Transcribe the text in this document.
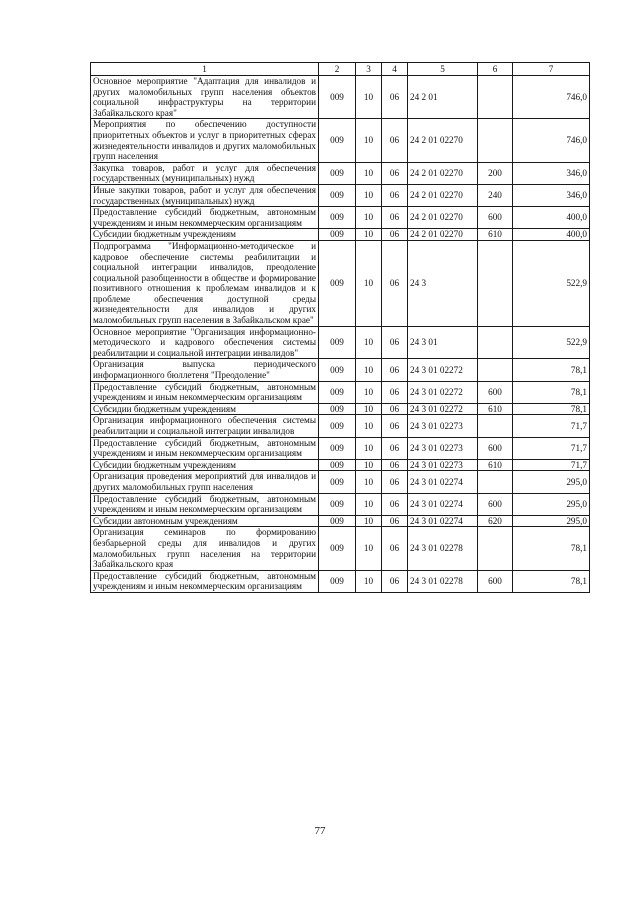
1	2	3	4	5	6	7
Основное мероприятие "Адаптация для инвалидов и других маломобильных групп населения объектов социальной инфраструктуры на территории Забайкальского края"	009	10	06	24 2 01		746,0
Мероприятия по обеспечению доступности приоритетных объектов и услуг в приоритетных сферах жизнедеятельности инвалидов и других маломобильных групп населения	009	10	06	24 2 01 02270		746,0
Закупка товаров, работ и услуг для обеспечения государственных (муниципальных) нужд	009	10	06	24 2 01 02270	200	346,0
Иные закупки товаров, работ и услуг для обеспечения государственных (муниципальных) нужд	009	10	06	24 2 01 02270	240	346,0
Предоставление субсидий бюджетным, автономным учреждениям и иным некоммерческим организациям	009	10	06	24 2 01 02270	600	400,0
Субсидии бюджетным учреждениям	009	10	06	24 2 01 02270	610	400,0
Подпрограмма "Информационно-методическое и кадровое обеспечение системы реабилитации и социальной интеграции инвалидов, преодоление социальной разобщенности в обществе и формирование позитивного отношения к проблемам инвалидов и к проблеме обеспечения доступной среды жизнедеятельности для инвалидов и других маломобильных групп населения в Забайкальском крае"	009	10	06	24 3		522,9
Основное мероприятие "Организация информационно-методического и кадрового обеспечения системы реабилитации и социальной интеграции инвалидов"	009	10	06	24 3 01		522,9
Организация выпуска периодического информационного бюллетеня "Преодоление"	009	10	06	24 3 01 02272		78,1
Предоставление субсидий бюджетным, автономным учреждениям и иным некоммерческим организациям	009	10	06	24 3 01 02272	600	78,1
Субсидии бюджетным учреждениям	009	10	06	24 3 01 02272	610	78,1
Организация информационного обеспечения системы реабилитации и социальной интеграции инвалидов	009	10	06	24 3 01 02273		71,7
Предоставление субсидий бюджетным, автономным учреждениям и иным некоммерческим организациям	009	10	06	24 3 01 02273	600	71,7
Субсидии бюджетным учреждениям	009	10	06	24 3 01 02273	610	71,7
Организация проведения мероприятий для инвалидов и других маломобильных групп населения	009	10	06	24 3 01 02274		295,0
Предоставление субсидий бюджетным, автономным учреждениям и иным некоммерческим организациям	009	10	06	24 3 01 02274	600	295,0
Субсидии автономным учреждениям	009	10	06	24 3 01 02274	620	295,0
Организация семинаров по формированию безбарьерной среды для инвалидов и других маломобильных групп населения на территории Забайкальского края	009	10	06	24 3 01 02278		78,1
Предоставление субсидий бюджетным, автономным учреждениям и иным некоммерческим организациям	009	10	06	24 3 01 02278	600	78,1
77
